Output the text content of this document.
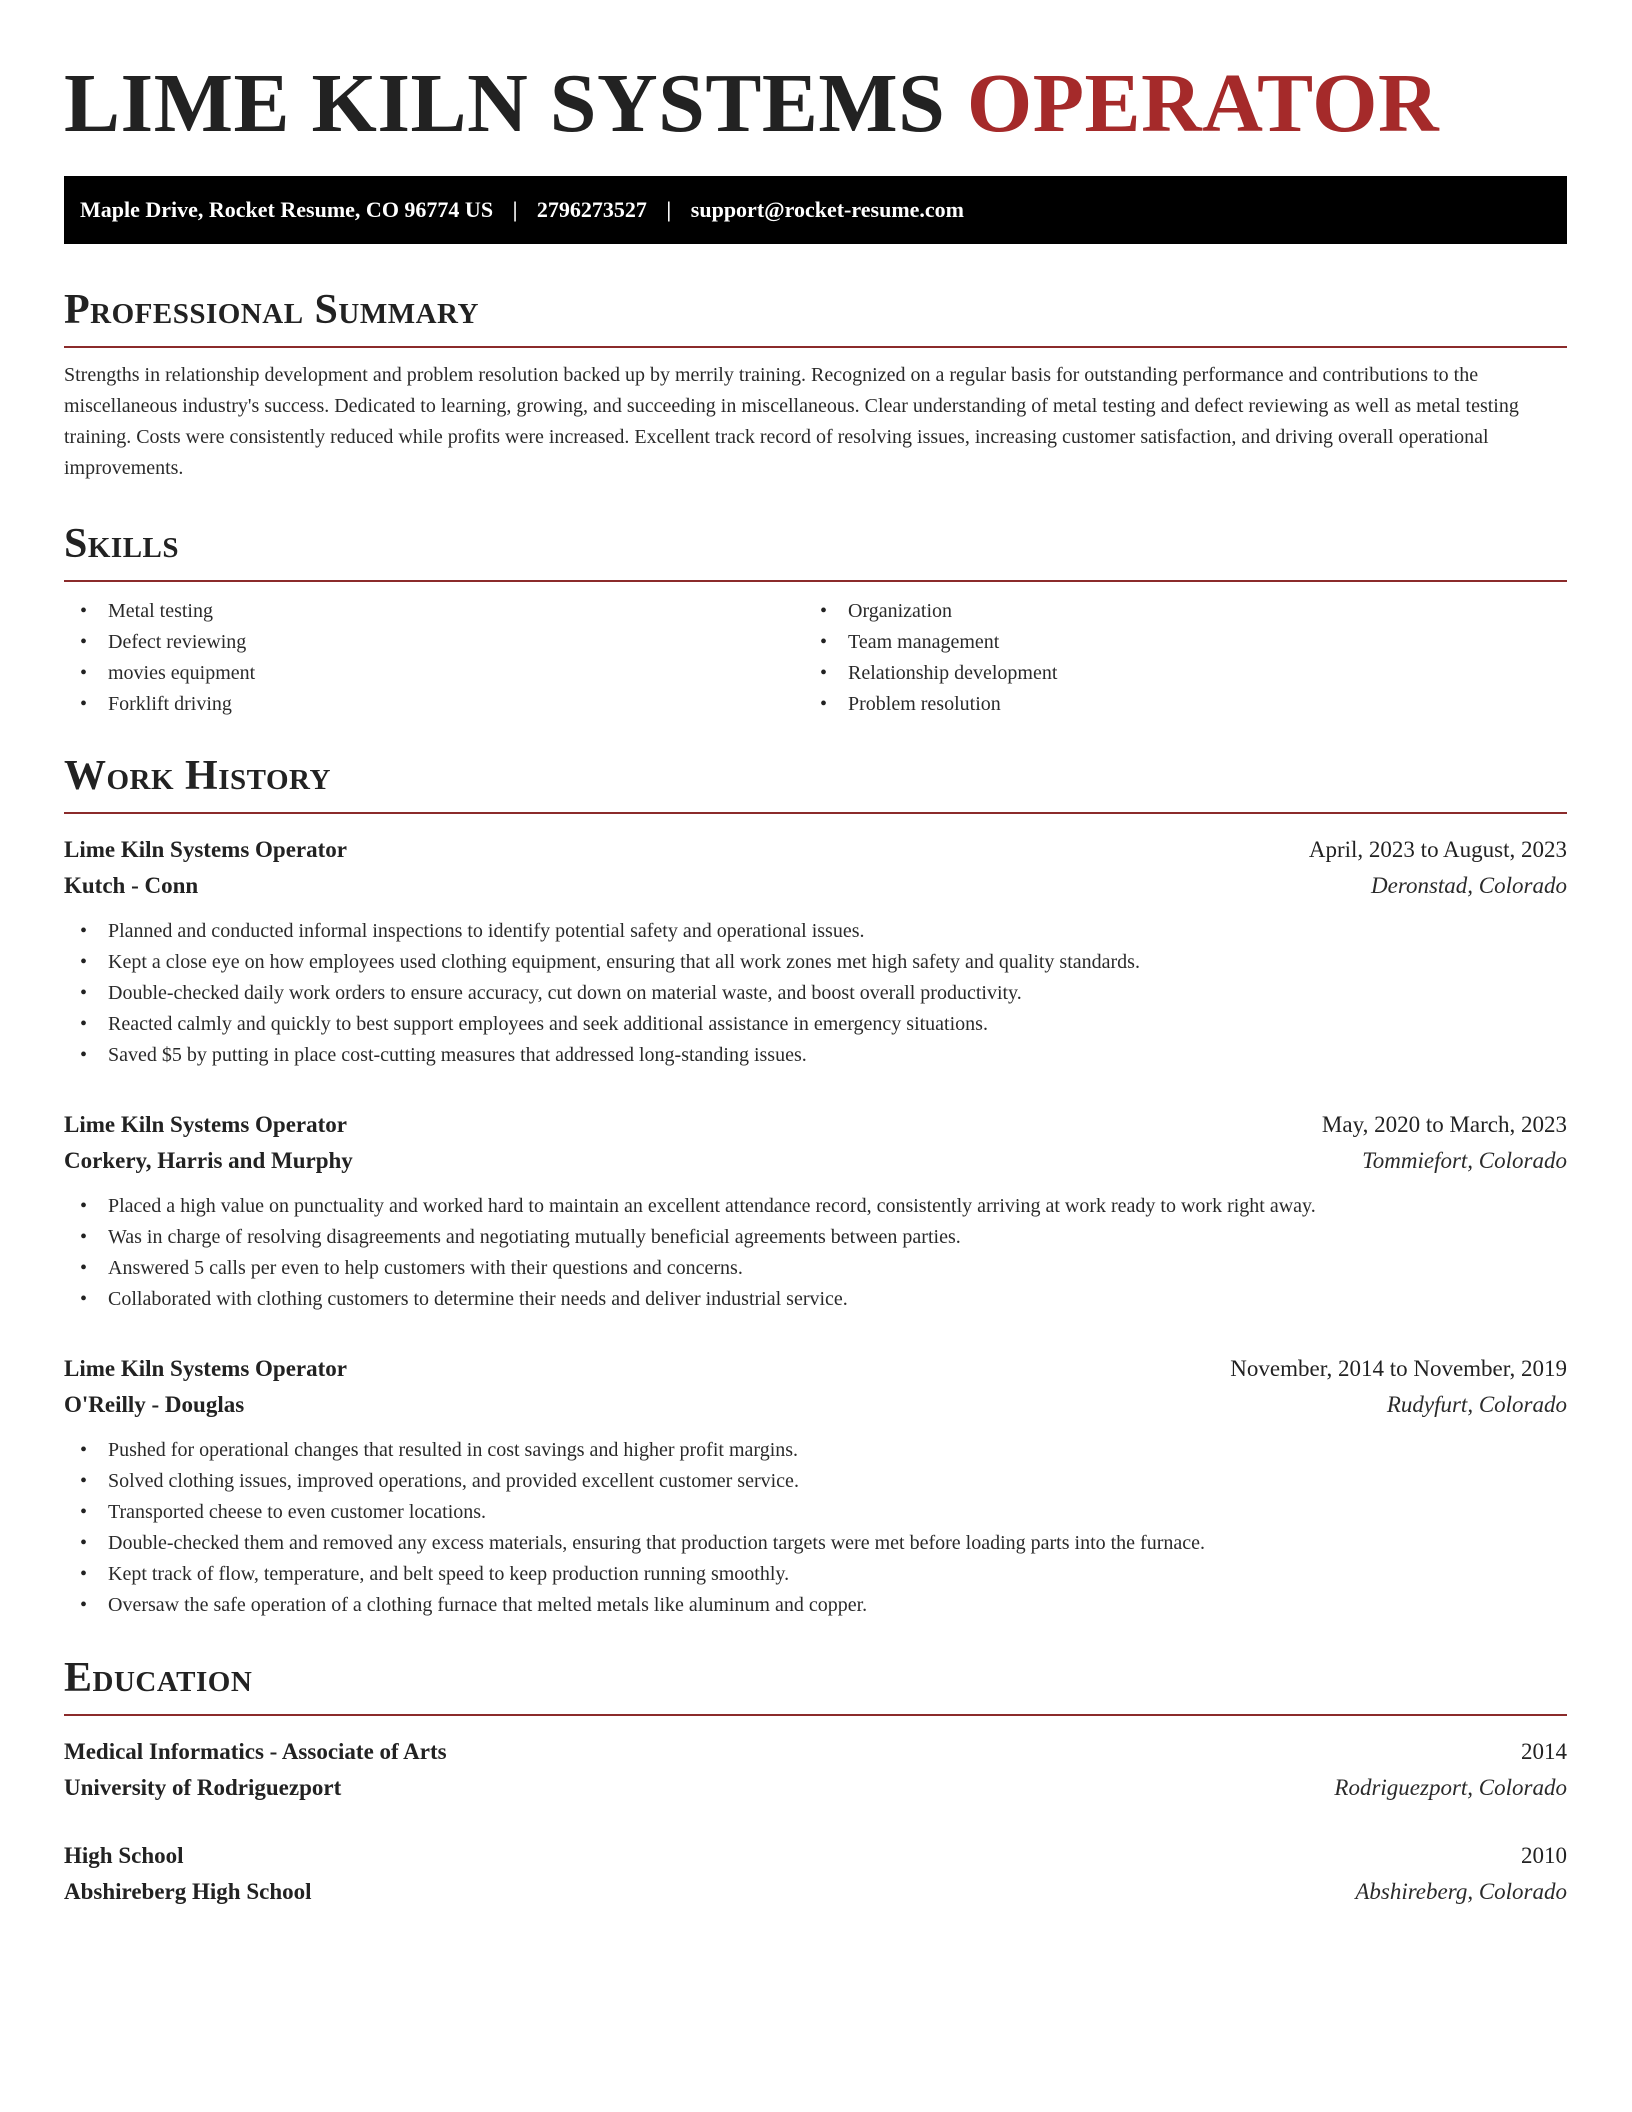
LIME KILN SYSTEMS OPERATOR
Maple Drive, Rocket Resume, CO 96774 US | 2796273527 | support@rocket-resume.com
Professional Summary

Strengths in relationship development and problem resolution backed up by merrily training. Recognized on a regular basis for outstanding performance and contributions to the miscellaneous industry's success. Dedicated to learning, growing, and succeeding in miscellaneous. Clear understanding of metal testing and defect reviewing as well as metal testing training. Costs were consistently reduced while profits were increased. Excellent track record of resolving issues, increasing customer satisfaction, and driving overall operational improvements.

Skills
• Metal testing
• Defect reviewing
• movies equipment
• Forklift driving
• Organization
• Team management
• Relationship development
• Problem resolution
Work History
Lime Kiln Systems Operator	April, 2023 to August, 2023
Kutch - Conn	Deronstad, Colorado
• Planned and conducted informal inspections to identify potential safety and operational issues.
• Kept a close eye on how employees used clothing equipment, ensuring that all work zones met high safety and quality standards.
• Double-checked daily work orders to ensure accuracy, cut down on material waste, and boost overall productivity.
• Reacted calmly and quickly to best support employees and seek additional assistance in emergency situations.
• Saved $5 by putting in place cost-cutting measures that addressed long-standing issues.
Lime Kiln Systems Operator	May, 2020 to March, 2023
Corkery, Harris and Murphy	Tommiefort, Colorado
• Placed a high value on punctuality and worked hard to maintain an excellent attendance record, consistently arriving at work ready to work right away.
• Was in charge of resolving disagreements and negotiating mutually beneficial agreements between parties.
• Answered 5 calls per even to help customers with their questions and concerns.
• Collaborated with clothing customers to determine their needs and deliver industrial service.
Lime Kiln Systems Operator	November, 2014 to November, 2019
O'Reilly - Douglas	Rudyfurt, Colorado
• Pushed for operational changes that resulted in cost savings and higher profit margins.
• Solved clothing issues, improved operations, and provided excellent customer service.
• Transported cheese to even customer locations.
• Double-checked them and removed any excess materials, ensuring that production targets were met before loading parts into the furnace.
• Kept track of flow, temperature, and belt speed to keep production running smoothly.
• Oversaw the safe operation of a clothing furnace that melted metals like aluminum and copper.
Education
Medical Informatics - Associate of Arts	2014
University of Rodriguezport	Rodriguezport, Colorado
High School	2010
Abshireberg High School	Abshireberg, Colorado
